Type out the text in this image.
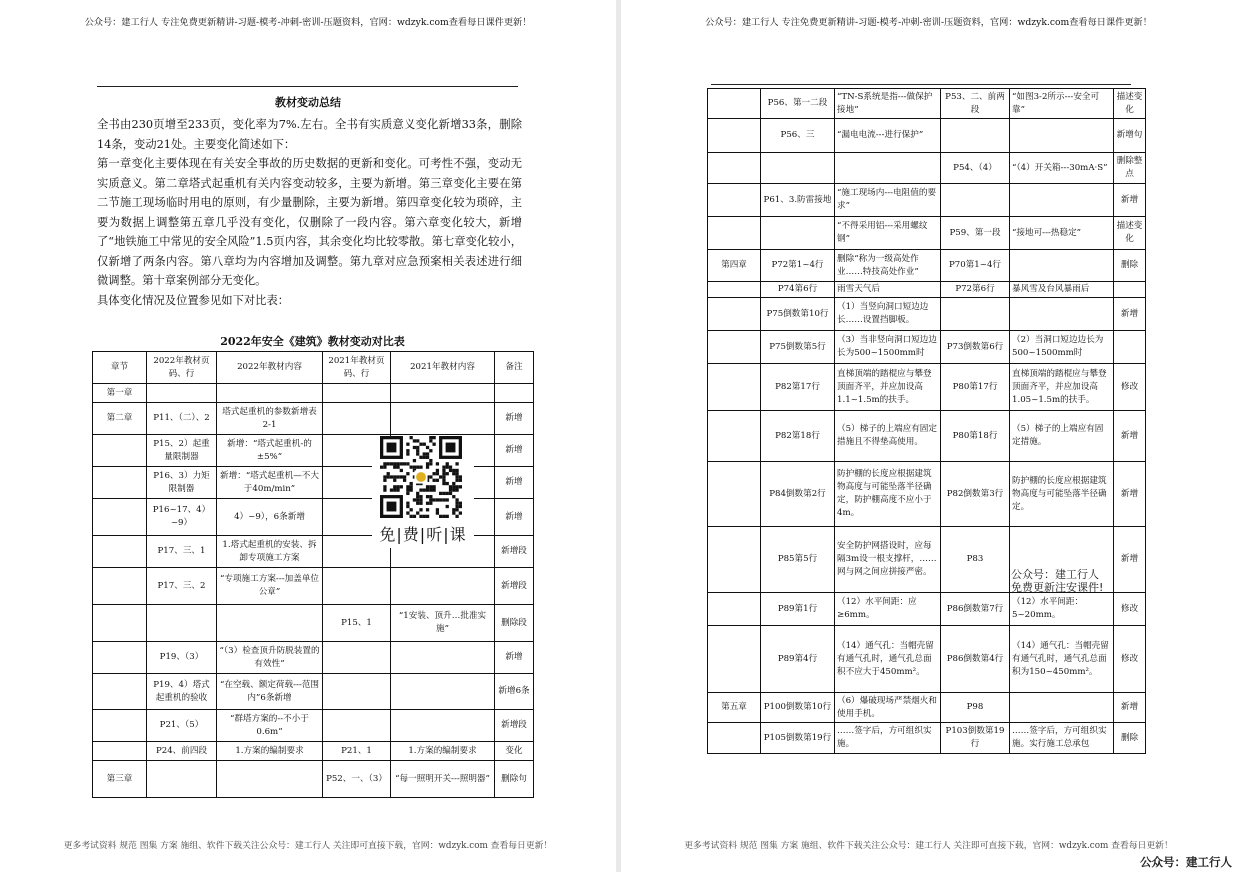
公众号：建工行人 专注免费更新精讲-习题-模考-冲刺-密训-压题资料，官网：wdzyk.com查看每日课件更新！
教材变动总结

全书由230页增至233页，变化率为7%.左右。全书有实质意义变化新增33条，删除14条，变动21处。主要变化简述如下：

第一章变化主要体现在有关安全事故的历史数据的更新和变化。可考性不强，变动无实质意义。第二章塔式起重机有关内容变动较多，主要为新增。第三章变化主要在第二节施工现场临时用电的原则，有少量删除，主要为新增。第四章变化较为琐碎，主要为数据上调整第五章几乎没有变化，仅删除了一段内容。第六章变化较大，新增了“地铁施工中常见的安全风险”1.5页内容，其余变化均比较零散。第七章变化较小，仅新增了两条内容。第八章均为内容增加及调整。第九章对应急预案相关表述进行细微调整。第十章案例部分无变化。

具体变化情况及位置参见如下对比表：

2022年安全《建筑》教材变动对比表
章节	2022年教材页码、行	2022年教材内容	2021年教材页码、行	2021年教材内容	备注
第一章					
第二章	P11、（二）、2	塔式起重机的参数新增表2-1			新增
	P15、2）起重量限制器	新增：“塔式起重机-的±5%”			新增
	P16、3）力矩限制器	新增：“塔式起重机—不大于40m/min”			新增
	P16~17、4）~9）	4）~9），6条新增			新增
	P17、三、1	1.塔式起重机的安装、拆卸专项施工方案			新增段
	P17、三、2	“专项施工方案---加盖单位公章”			新增段
			P15、1	“1安装、顶升…批准实施”	删除段
	P19、（3）	“（3）检查顶升防脱装置的有效性”			新增
	P19、4）塔式起重机的验收	“在空载、额定荷载---范围内”6条新增			新增6条
	P21、（5）	“群塔方案的--不小于0.6m”			新增段
	P24、前四段	1.方案的编制要求	P21、1	1.方案的编制要求	变化
第三章			P52、一、（3）	“每一照明开关---照明器”	删除句
免|费|听|课
更多考试资料 规范 图集 方案 施组、软件下载关注公众号：建工行人 关注即可直接下载，官网：wdzyk.com 查看每日更新！
公众号：建工行人 专注免费更新精讲-习题-模考-冲刺-密训-压题资料，官网：wdzyk.com查看每日课件更新！
更多考试资料 规范 图集 方案 施组、软件下载关注公众号：建工行人 关注即可直接下载，官网：wdzyk.com 查看每日更新！
	P56、第一二段	“TN-S系统是指---做保护接地”	P53、二、前两段	“如图3-2所示---安全可靠”	描述变化
	P56、三	“漏电电流---进行保护”			新增句
			P54、（4）	“（4）开关箱---30mA·S”	删除整点
	P61、3.防雷接地	“施工现场内---电阻值的要求”			新增
		“不得采用铝---采用螺纹钢”	P59、第一段	“接地可---热稳定”	描述变化
第四章	P72第1~4行	删除“称为一级高处作业……特技高处作业”	P70第1~4行		删除
	P74第6行	雨雪天气后	P72第6行	暴风雪及台风暴雨后	
	P75倒数第10行	（1）当竖向洞口短边边长……设置挡脚板。			新增
	P75倒数第5行	（3）当非竖向洞口短边边长为500~1500mm时	P73倒数第6行	（2）当洞口短边边长为500~1500mm时	
	P82第17行	直梯顶端的踏棍应与攀登顶面齐平，并应加设高1.1~1.5m的扶手。	P80第17行	直梯顶端的踏棍应与攀登顶面齐平，并应加设高1.05~1.5m的扶手。	修改
	P82第18行	（5）梯子的上端应有固定措施且不得垫高使用。	P80第18行	（5）梯子的上端应有固定措施。	新增
	P84倒数第2行	防护棚的长度应根据建筑物高度与可能坠落半径确定，防护棚高度不应小于4m。	P82倒数第3行	防护棚的长度应根据建筑物高度与可能坠落半径确定。	新增
	P85第5行	安全防护网搭设时，应每隔3m设一根支撑杆，……网与网之间应拼接严密。	P83		新增
	P89第1行	（12）水平间距：应≥6mm。	P86倒数第7行	（12）水平间距：5~20mm。	修改
	P89第4行	（14）通气孔：当帽壳留有通气孔时，通气孔总面积不应大于450mm²。	P86倒数第4行	（14）通气孔：当帽壳留有通气孔时，通气孔总面积为150~450mm²。	修改
第五章	P100倒数第10行	（6）爆破现场严禁烟火和使用手机。	P98		新增
	P105倒数第19行	……签字后，方可组织实施。	P103倒数第19行	……签字后，方可组织实施。实行施工总承包	删除
公众号：建工行人
免费更新注安课件!
公众号：建工行人
